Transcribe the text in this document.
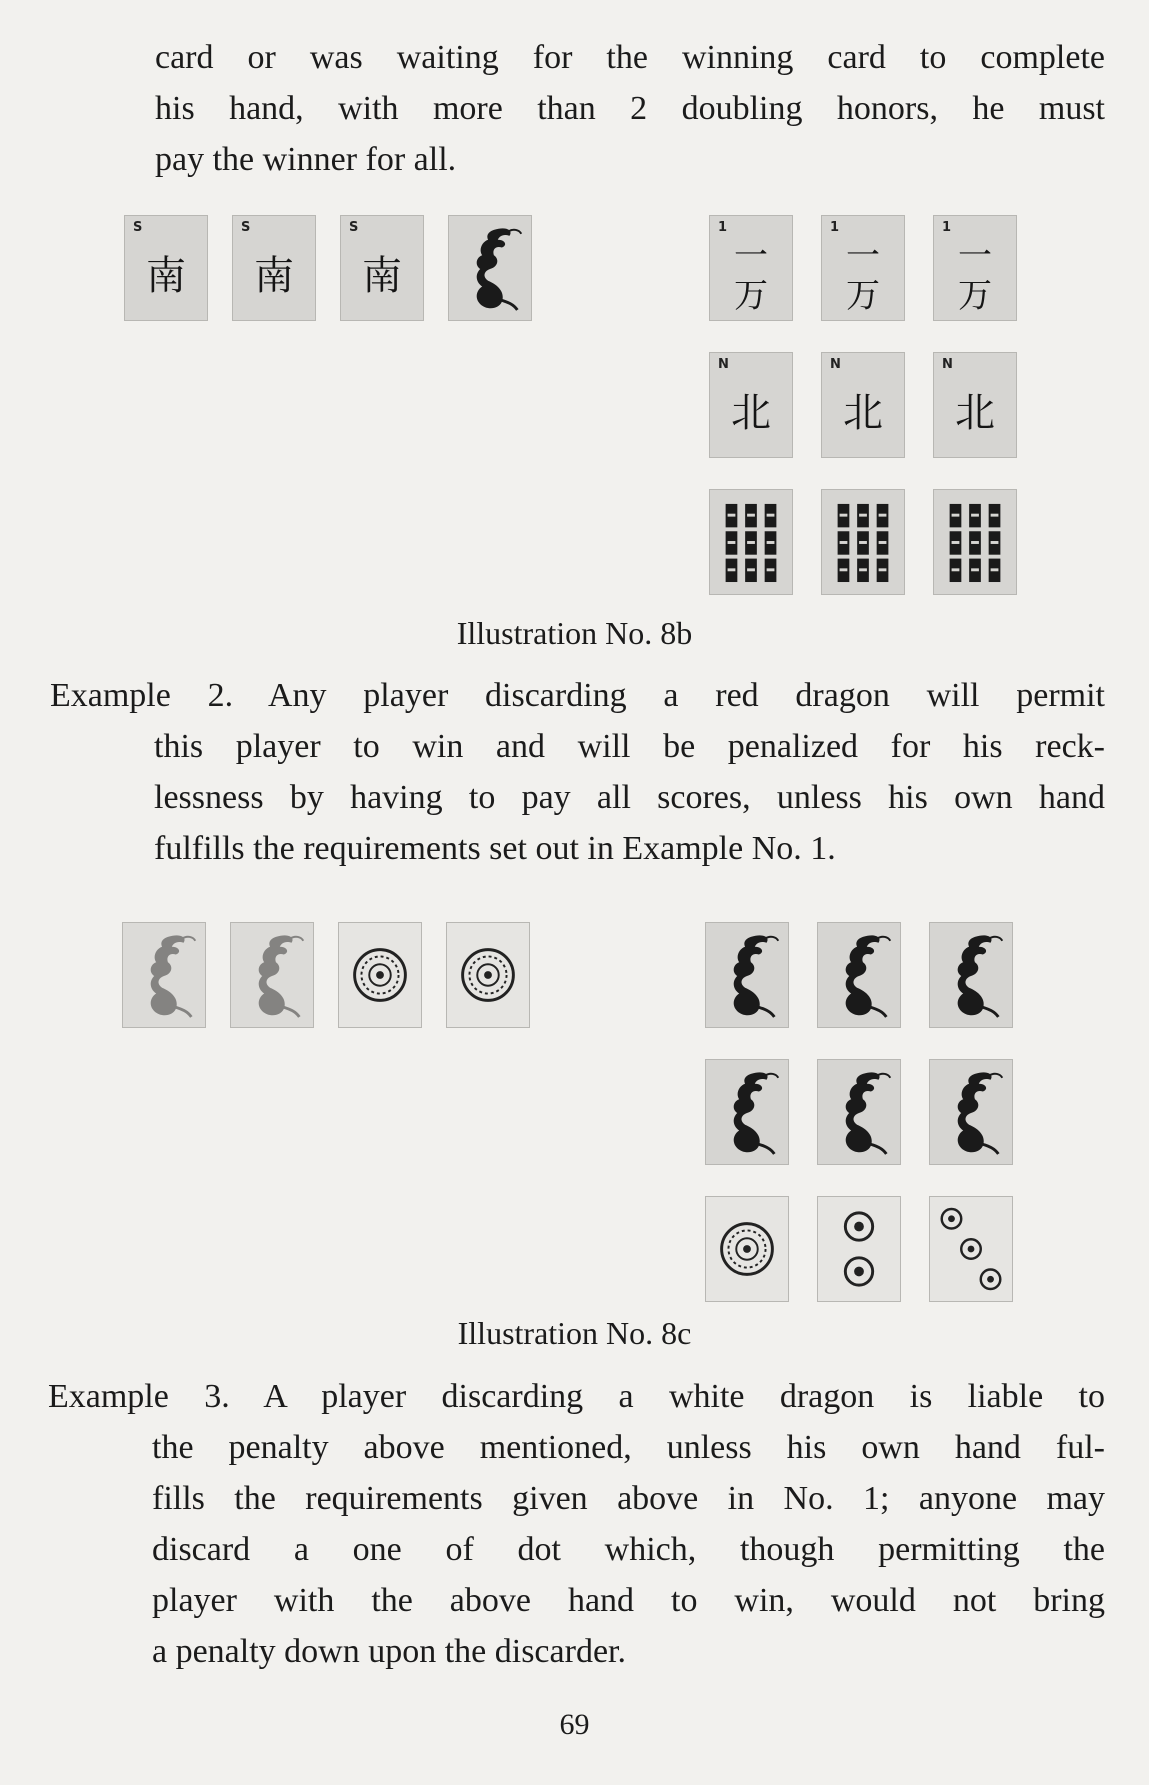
card or was waiting for the winning card to complete
his hand, with more than 2 doubling honors, he must
pay the winner for all.
S
南
S
南
S
南
1
一
万
1
一
万
1
一
万
N
北
N
北
N
北
Illustration No. 8b
Example 2. Any player discarding a red dragon will permit
this player to win and will be penalized for his reck-
lessness by having to pay all scores, unless his own hand
fulfills the requirements set out in Example No. 1.
Illustration No. 8c
Example 3. A player discarding a white dragon is liable to
the penalty above mentioned, unless his own hand ful-
fills the requirements given above in No. 1; anyone may
discard a one of dot which, though permitting the
player with the above hand to win, would not bring
a penalty down upon the discarder.
69
